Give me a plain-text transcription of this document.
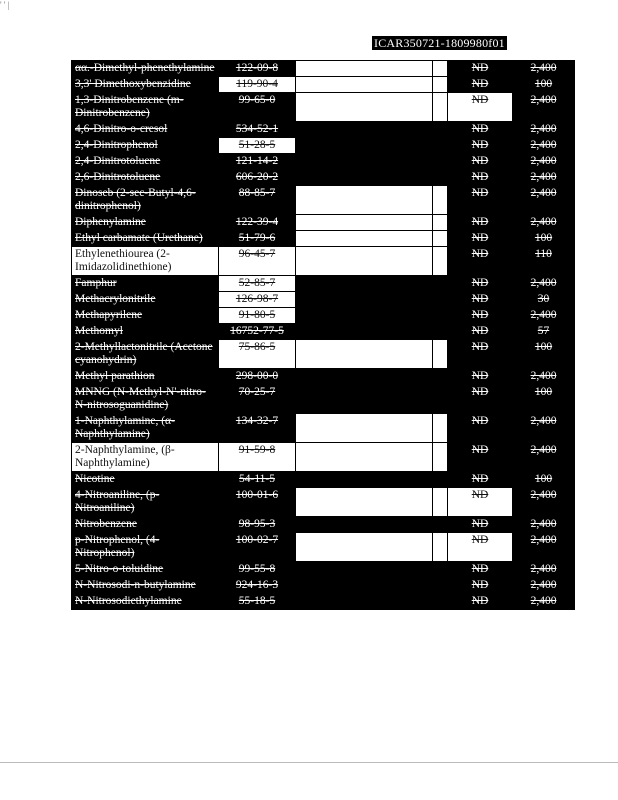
' ' |
ICAR350721-1809980f01
αα.-Dimethyl-phenethylamine	122-09-8			ND	2,400
3,3' Dimethoxybenzidine	119-90-4			ND	100
1,3-Dinitrobenzene (m-Dinitrobenzene)	99-65-0			ND	2,400
4,6-Dinitro-o-cresol	534-52-1			ND	2,400
2,4-Dinitrophenol	51-28-5			ND	2,400
2,4-Dinitrotoluene	121-14-2			ND	2,400
2,6-Dinitrotoluene	606-20-2			ND	2,400
Dinoseb (2-sec-Butyl-4,6-dinitrophenol)	88-85-7			ND	2,400
Diphenylamine	122-39-4			ND	2,400
Ethyl carbamate (Urethane)	51-79-6			ND	100
Ethylenethiourea (2-Imidazolidinethione)	96-45-7			ND	110
Famphur	52-85-7			ND	2,400
Methacrylonitrile	126-98-7			ND	30
Methapyrilene	91-80-5			ND	2,400
Methomyl	16752-77-5			ND	57
2-Methyllactonitrile (Acetone cyanohydrin)	75-86-5			ND	100
Methyl parathion	298-00-0			ND	2,400
MNNG (N-Methyl-N'-nitro-N-nitrosoguanidine)	70-25-7			ND	100
1-Naphthylamine, (α-Naphthylamine)	134-32-7			ND	2,400
2-Naphthylamine, (β-Naphthylamine)	91-59-8			ND	2,400
Nicotine	54-11-5			ND	100
4-Nitroaniline, (p-Nitroaniline)	100-01-6			ND	2,400
Nitrobenzene	98-95-3			ND	2,400
p-Nitrophenol, (4-Nitrophenol)	100-02-7			ND	2,400
5-Nitro-o-toluidine	99-55-8			ND	2,400
N-Nitrosodi-n-butylamine	924-16-3			ND	2,400
N-Nitrosodiethylamine	55-18-5			ND	2,400
